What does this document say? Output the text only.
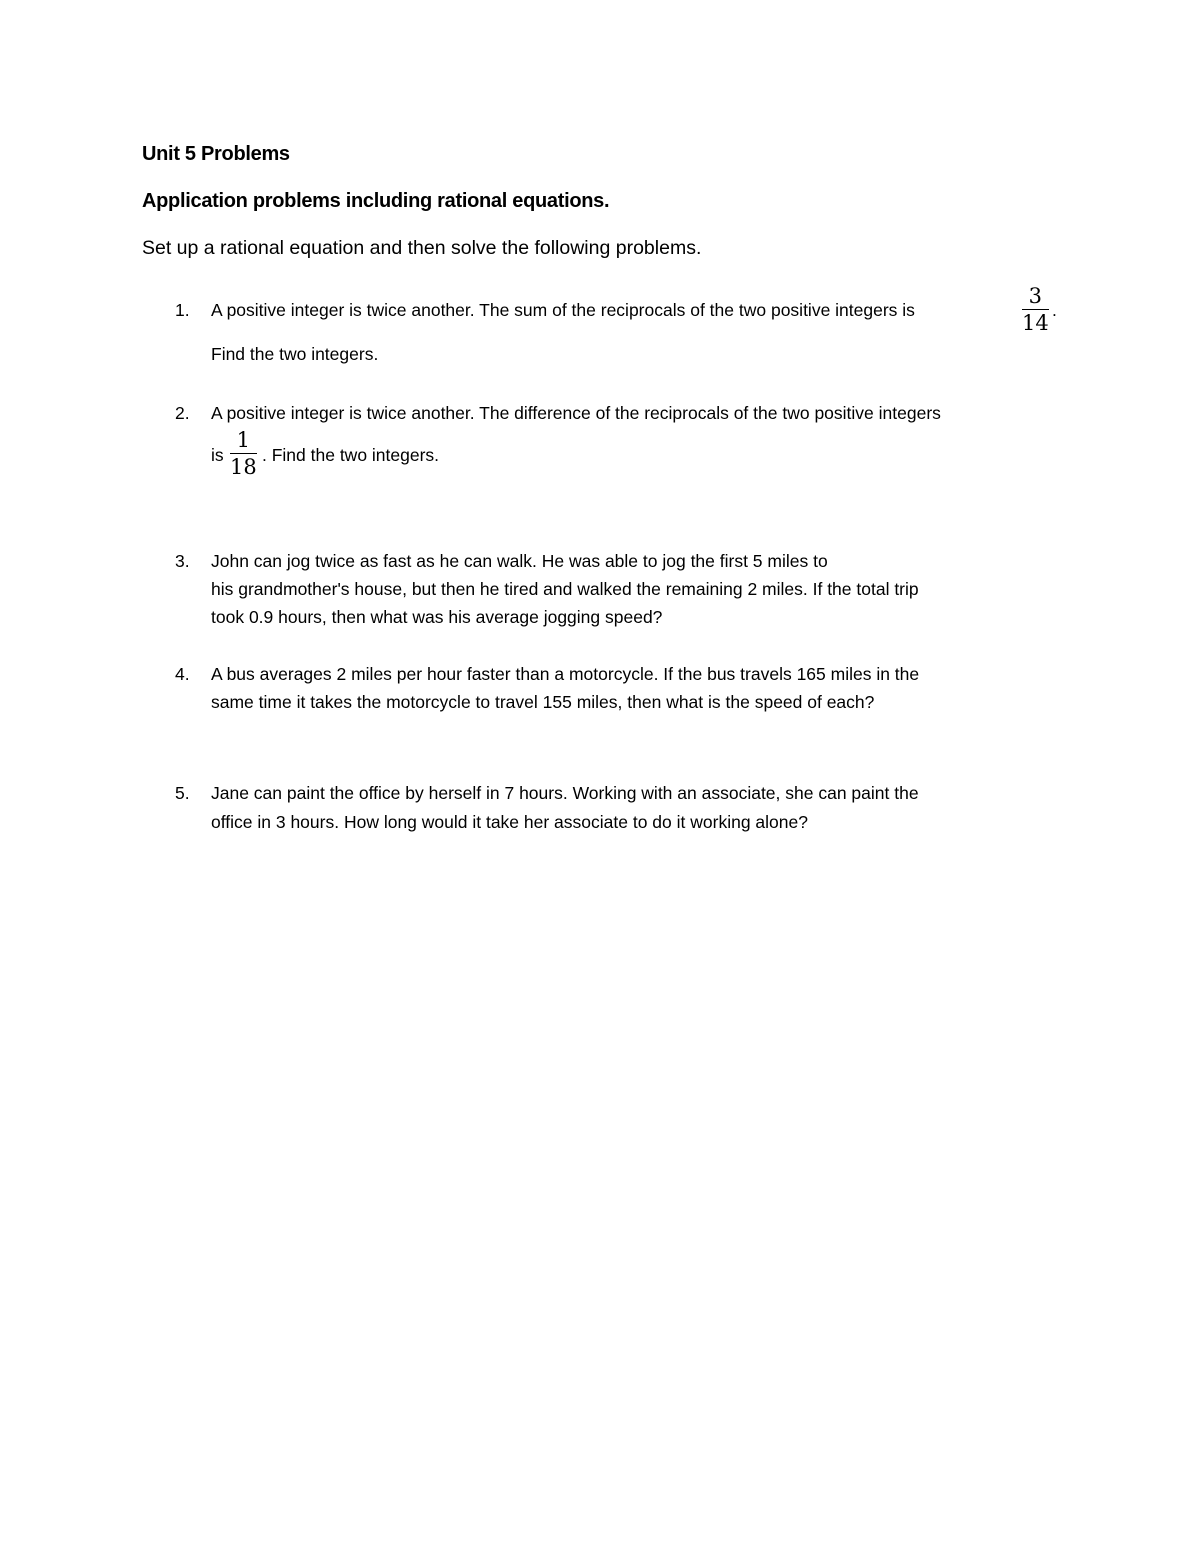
Unit 5 Problems
Application problems including rational equations.
Set up a rational equation and then solve the following problems.
1. A positive integer is twice another. The sum of the reciprocals of the two positive integers is
3
14
.
Find the two integers.
2. A positive integer is twice another. The difference of the reciprocals of the two positive integers
is
1
18 . Find the two integers.
3. John can jog twice as fast as he can walk. He was able to jog the first 5 miles to
his grandmother's house, but then he tired and walked the remaining 2 miles. If the total trip
took 0.9 hours, then what was his average jogging speed?
4. A bus averages 2 miles per hour faster than a motorcycle. If the bus travels 165 miles in the
same time it takes the motorcycle to travel 155 miles, then what is the speed of each?
5. Jane can paint the office by herself in 7 hours. Working with an associate, she can paint the
office in 3 hours. How long would it take her associate to do it working alone?
